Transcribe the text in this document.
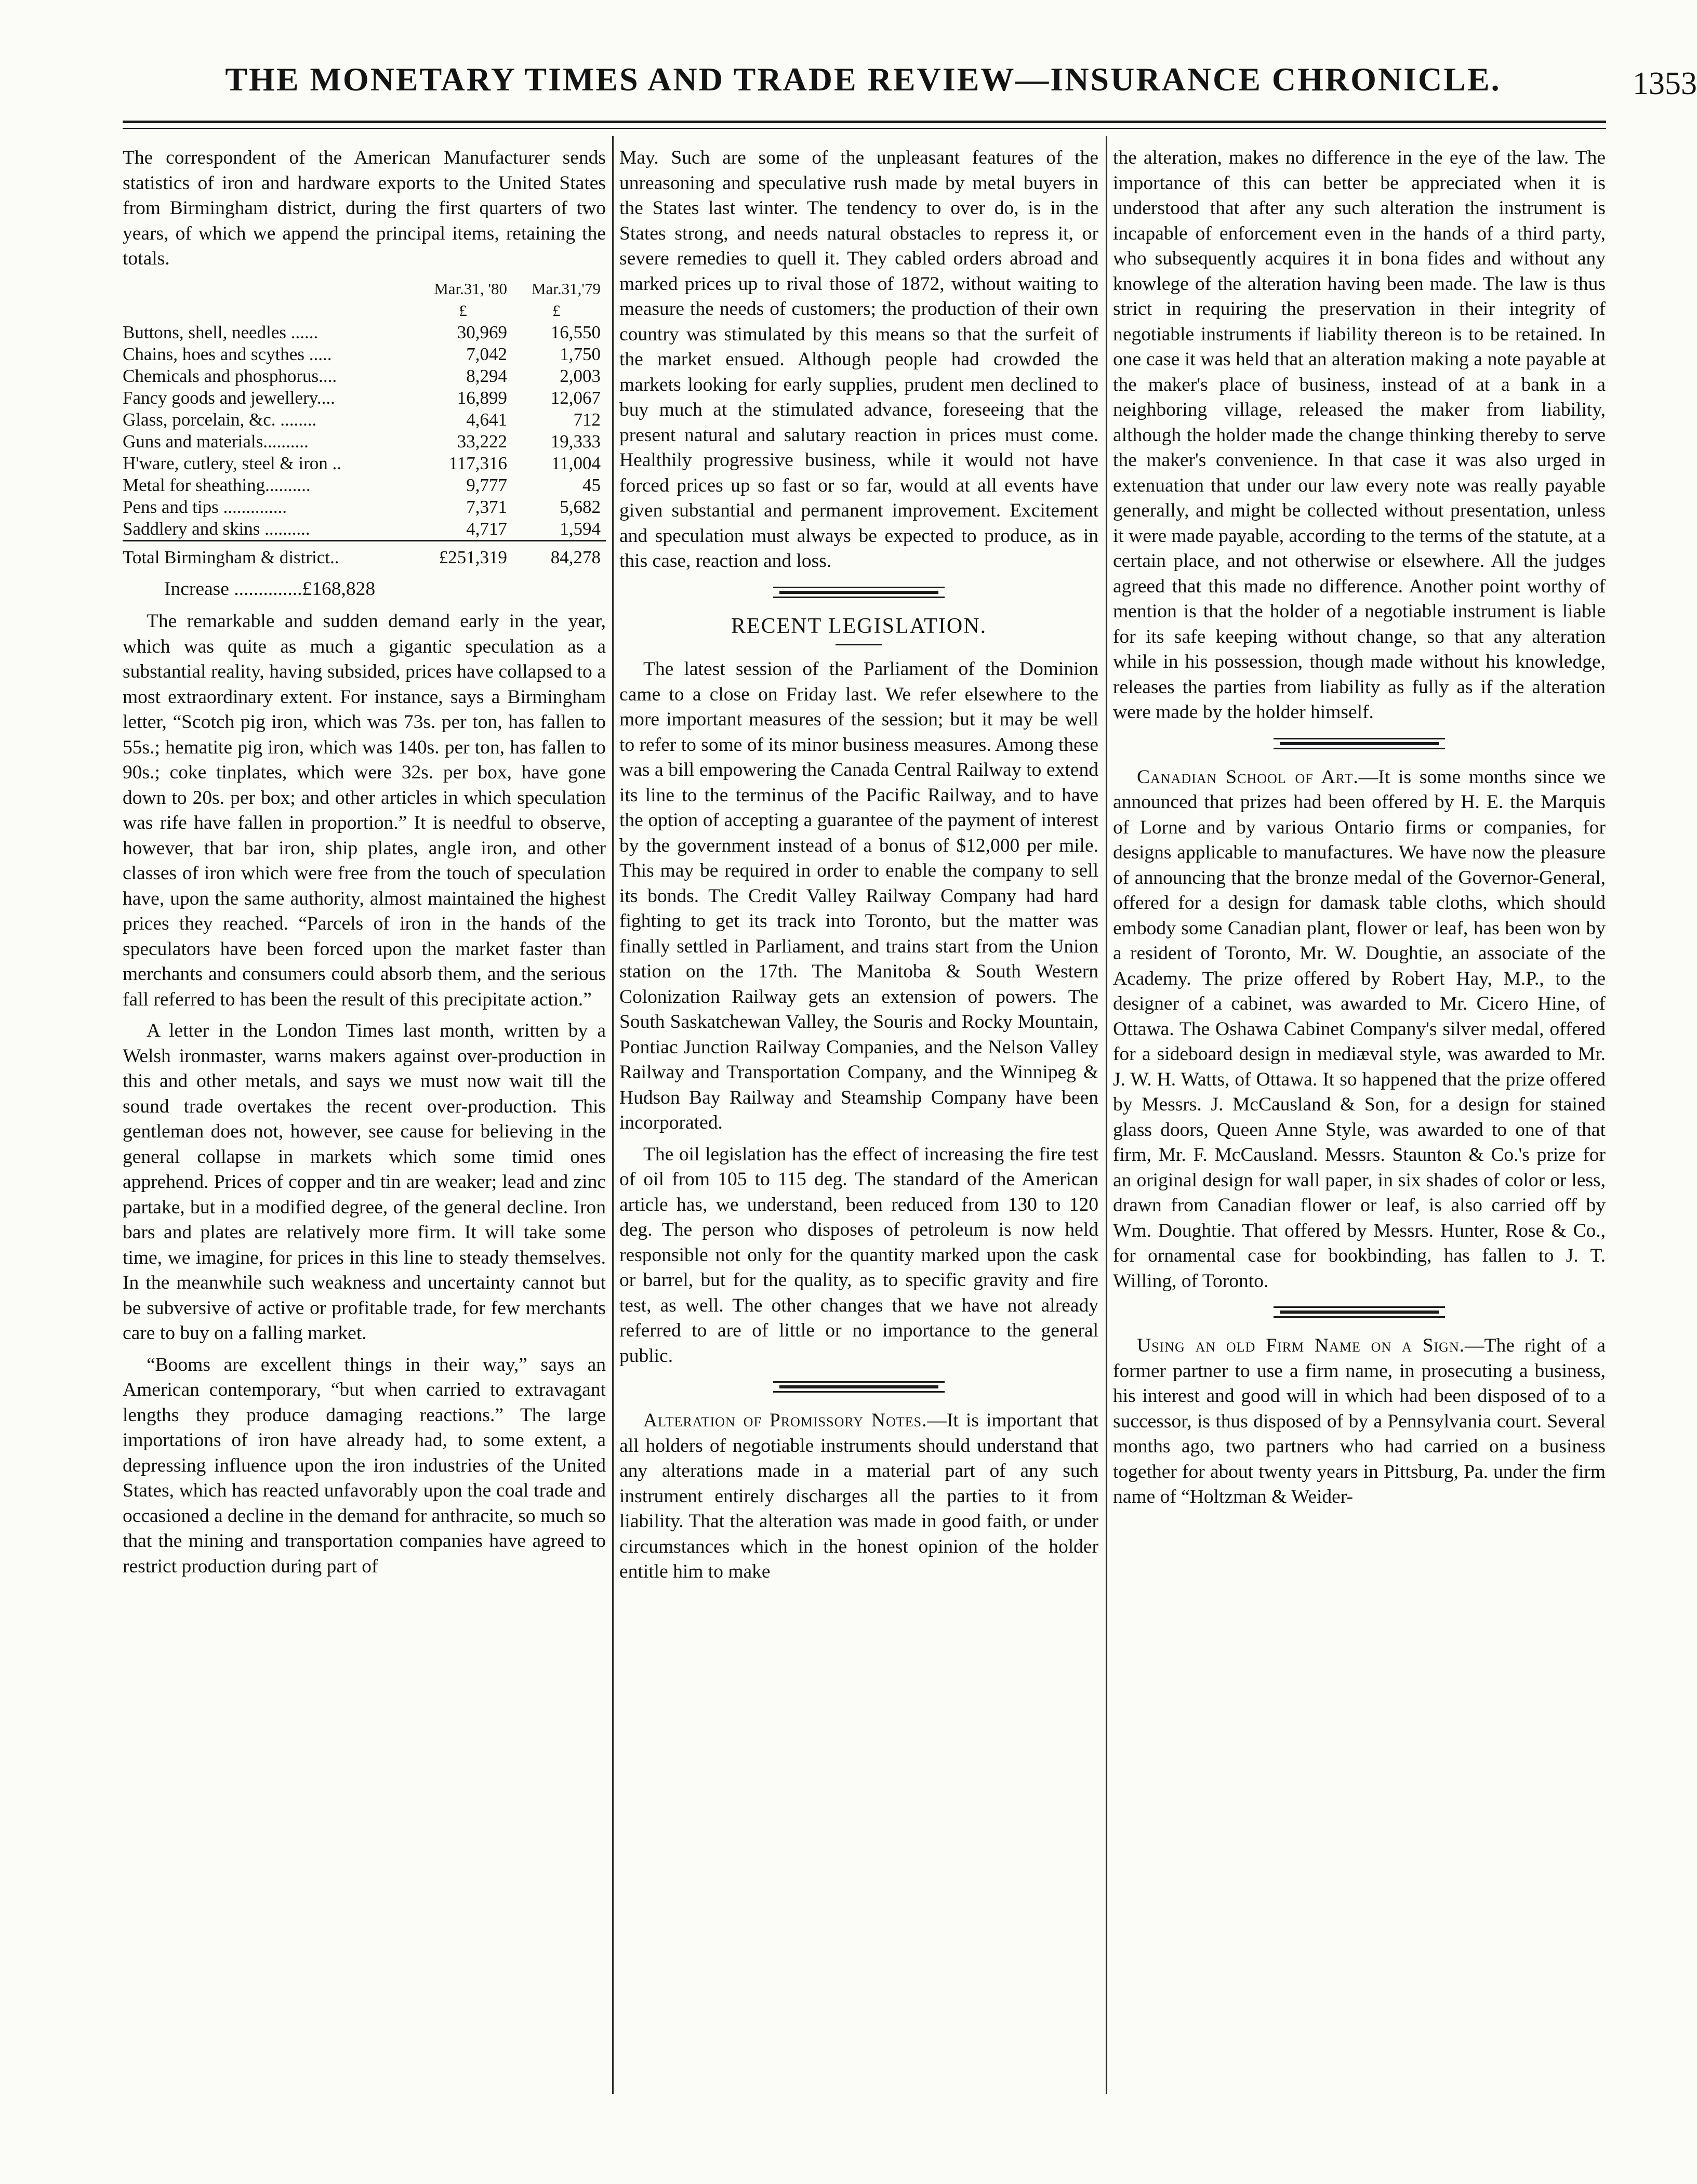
THE MONETARY TIMES AND TRADE REVIEW—INSURANCE CHRONICLE.	1353

The correspondent of the American Manufacturer sends statistics of iron and hardware exports to the United States from Birmingham district, during the first quarters of two years, of which we append the principal items, retaining the totals.

	Mar.31, '80	Mar.31,'79
	£	£
Buttons, shell, needles ......	30,969	16,550
Chains, hoes and scythes .....	7,042	1,750
Chemicals and phosphorus....	8,294	2,003
Fancy goods and jewellery....	16,899	12,067
Glass, porcelain, &c. ........	4,641	712
Guns and materials..........	33,222	19,333
H'ware, cutlery, steel & iron ..	117,316	11,004
Metal for sheathing..........	9,777	45
Pens and tips ..............	7,371	5,682
Saddlery and skins ..........	4,717	1,594
Total Birmingham & district..	£251,319	84,278
Increase ..............£168,828

The remarkable and sudden demand early in the year, which was quite as much a gigantic speculation as a substantial reality, having subsided, prices have collapsed to a most extraordinary extent. For instance, says a Birmingham letter, “Scotch pig iron, which was 73s. per ton, has fallen to 55s.; hematite pig iron, which was 140s. per ton, has fallen to 90s.; coke tinplates, which were 32s. per box, have gone down to 20s. per box; and other articles in which speculation was rife have fallen in proportion.” It is needful to observe, however, that bar iron, ship plates, angle iron, and other classes of iron which were free from the touch of speculation have, upon the same authority, almost maintained the highest prices they reached. “Parcels of iron in the hands of the speculators have been forced upon the market faster than merchants and consumers could absorb them, and the serious fall referred to has been the result of this precipitate action.”

A letter in the London Times last month, written by a Welsh ironmaster, warns makers against over-production in this and other metals, and says we must now wait till the sound trade overtakes the recent over-production. This gentleman does not, however, see cause for believing in the general collapse in markets which some timid ones apprehend. Prices of copper and tin are weaker; lead and zinc partake, but in a modified degree, of the general decline. Iron bars and plates are relatively more firm. It will take some time, we imagine, for prices in this line to steady themselves. In the meanwhile such weakness and uncertainty cannot but be subversive of active or profitable trade, for few merchants care to buy on a falling market.

“Booms are excellent things in their way,” says an American contemporary, “but when carried to extravagant lengths they produce damaging reactions.” The large importations of iron have already had, to some extent, a depressing influence upon the iron industries of the United States, which has reacted unfavorably upon the coal trade and occasioned a decline in the demand for anthracite, so much so that the mining and transportation companies have agreed to restrict production during part of

May. Such are some of the unpleasant features of the unreasoning and speculative rush made by metal buyers in the States last winter. The tendency to over do, is in the States strong, and needs natural obstacles to repress it, or severe remedies to quell it. They cabled orders abroad and marked prices up to rival those of 1872, without waiting to measure the needs of customers; the production of their own country was stimulated by this means so that the surfeit of the market ensued. Although people had crowded the markets looking for early supplies, prudent men declined to buy much at the stimulated advance, foreseeing that the present natural and salutary reaction in prices must come. Healthily progressive business, while it would not have forced prices up so fast or so far, would at all events have given substantial and permanent improvement. Excitement and speculation must always be expected to produce, as in this case, reaction and loss.

RECENT LEGISLATION.

The latest session of the Parliament of the Dominion came to a close on Friday last. We refer elsewhere to the more important measures of the session; but it may be well to refer to some of its minor business measures. Among these was a bill empowering the Canada Central Railway to extend its line to the terminus of the Pacific Railway, and to have the option of accepting a guarantee of the payment of interest by the government instead of a bonus of $12,000 per mile. This may be required in order to enable the company to sell its bonds. The Credit Valley Railway Company had hard fighting to get its track into Toronto, but the matter was finally settled in Parliament, and trains start from the Union station on the 17th. The Manitoba & South Western Colonization Railway gets an extension of powers. The South Saskatchewan Valley, the Souris and Rocky Mountain, Pontiac Junction Railway Companies, and the Nelson Valley Railway and Transportation Company, and the Winnipeg & Hudson Bay Railway and Steamship Company have been incorporated.

The oil legislation has the effect of increasing the fire test of oil from 105 to 115 deg. The standard of the American article has, we understand, been reduced from 130 to 120 deg. The person who disposes of petroleum is now held responsible not only for the quantity marked upon the cask or barrel, but for the quality, as to specific gravity and fire test, as well. The other changes that we have not already referred to are of little or no importance to the general public.

Alteration of Promissory Notes.—It is important that all holders of negotiable instruments should understand that any alterations made in a material part of any such instrument entirely discharges all the parties to it from liability. That the alteration was made in good faith, or under circumstances which in the honest opinion of the holder entitle him to make

the alteration, makes no difference in the eye of the law. The importance of this can better be appreciated when it is understood that after any such alteration the instrument is incapable of enforcement even in the hands of a third party, who subsequently acquires it in bona fides and without any knowlege of the alteration having been made. The law is thus strict in requiring the preservation in their integrity of negotiable instruments if liability thereon is to be retained. In one case it was held that an alteration making a note payable at the maker's place of business, instead of at a bank in a neighboring village, released the maker from liability, although the holder made the change thinking thereby to serve the maker's convenience. In that case it was also urged in extenuation that under our law every note was really payable generally, and might be collected without presentation, unless it were made payable, according to the terms of the statute, at a certain place, and not otherwise or elsewhere. All the judges agreed that this made no difference. Another point worthy of mention is that the holder of a negotiable instrument is liable for its safe keeping without change, so that any alteration while in his possession, though made without his knowledge, releases the parties from liability as fully as if the alteration were made by the holder himself.

Canadian School of Art.—It is some months since we announced that prizes had been offered by H. E. the Marquis of Lorne and by various Ontario firms or companies, for designs applicable to manufactures. We have now the pleasure of announcing that the bronze medal of the Governor-General, offered for a design for damask table cloths, which should embody some Canadian plant, flower or leaf, has been won by a resident of Toronto, Mr. W. Doughtie, an associate of the Academy. The prize offered by Robert Hay, M.P., to the designer of a cabinet, was awarded to Mr. Cicero Hine, of Ottawa. The Oshawa Cabinet Company's silver medal, offered for a sideboard design in mediæval style, was awarded to Mr. J. W. H. Watts, of Ottawa. It so happened that the prize offered by Messrs. J. McCausland & Son, for a design for stained glass doors, Queen Anne Style, was awarded to one of that firm, Mr. F. McCausland. Messrs. Staunton & Co.'s prize for an original design for wall paper, in six shades of color or less, drawn from Canadian flower or leaf, is also carried off by Wm. Doughtie. That offered by Messrs. Hunter, Rose & Co., for ornamental case for bookbinding, has fallen to J. T. Willing, of Toronto.

Using an old Firm Name on a Sign.—The right of a former partner to use a firm name, in prosecuting a business, his interest and good will in which had been disposed of to a successor, is thus disposed of by a Pennsylvania court. Several months ago, two partners who had carried on a business together for about twenty years in Pittsburg, Pa. under the firm name of “Holtzman & Weider-
